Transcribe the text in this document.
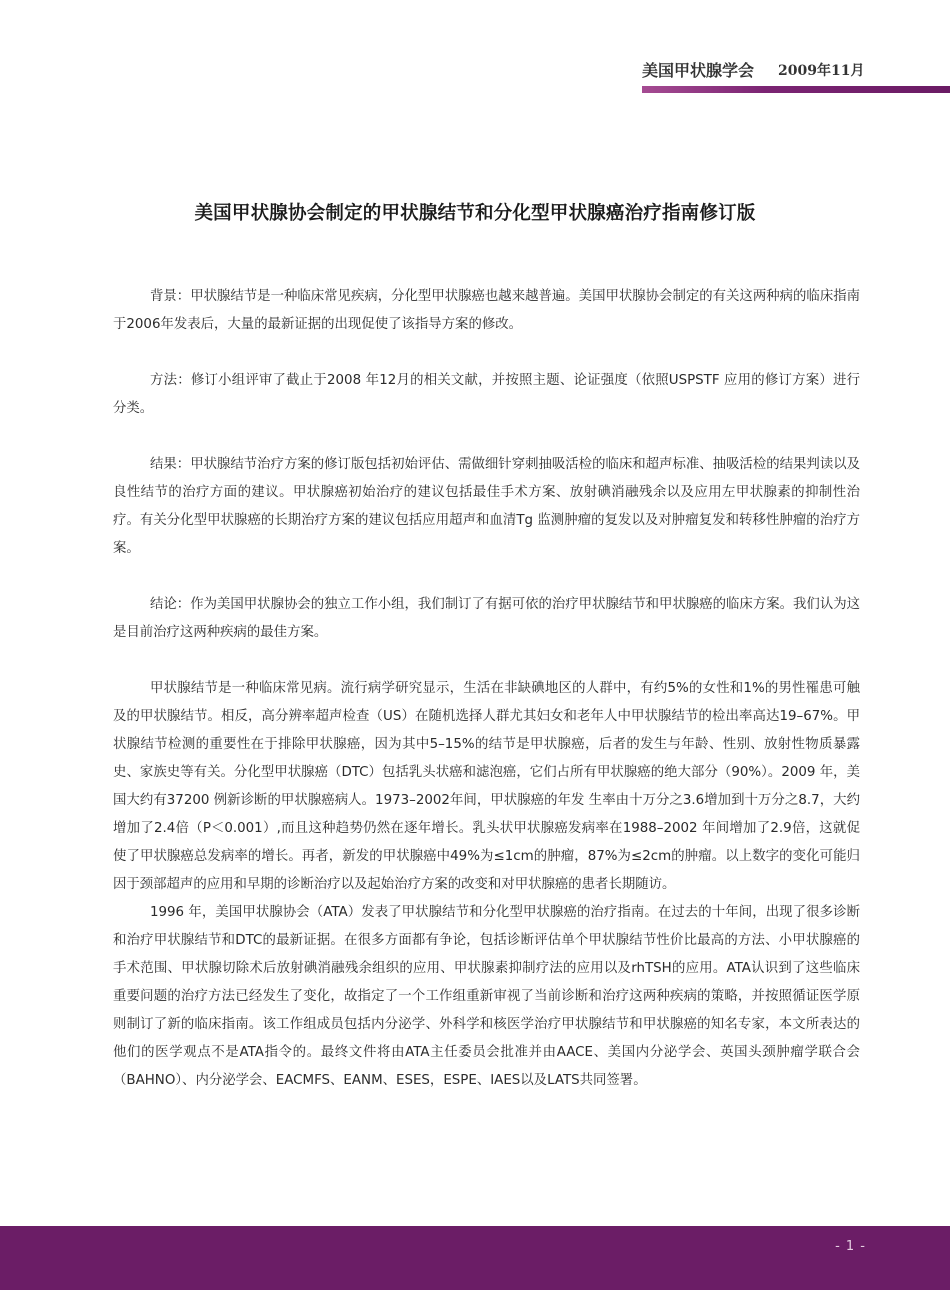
美国甲状腺学会 2009年11月
美国甲状腺协会制定的甲状腺结节和分化型甲状腺癌治疗指南修订版

背景：甲状腺结节是一种临床常见疾病，分化型甲状腺癌也越来越普遍。美国甲状腺协会制定的有关这两种病的临床指南于2006年发表后，大量的最新证据的出现促使了该指导方案的修改。

方法：修订小组评审了截止于2008 年12月的相关文献，并按照主题、论证强度（依照USPSTF 应用的修订方案）进行分类。

结果：甲状腺结节治疗方案的修订版包括初始评估、需做细针穿刺抽吸活检的临床和超声标准、抽吸活检的结果判读以及良性结节的治疗方面的建议。甲状腺癌初始治疗的建议包括最佳手术方案、放射碘消融残余以及应用左甲状腺素的抑制性治疗。有关分化型甲状腺癌的长期治疗方案的建议包括应用超声和血清Tg 监测肿瘤的复发以及对肿瘤复发和转移性肿瘤的治疗方案。

结论：作为美国甲状腺协会的独立工作小组，我们制订了有据可依的治疗甲状腺结节和甲状腺癌的临床方案。我们认为这是目前治疗这两种疾病的最佳方案。

甲状腺结节是一种临床常见病。流行病学研究显示，生活在非缺碘地区的人群中，有约5%的女性和1%的男性罹患可触及的甲状腺结节。相反，高分辨率超声检查（US）在随机选择人群尤其妇女和老年人中甲状腺结节的检出率高达19–67%。甲状腺结节检测的重要性在于排除甲状腺癌，因为其中5–15%的结节是甲状腺癌，后者的发生与年龄、性别、放射性物质暴露史、家族史等有关。分化型甲状腺癌（DTC）包括乳头状癌和滤泡癌，它们占所有甲状腺癌的绝大部分（90%）。2009 年，美国大约有37200 例新诊断的甲状腺癌病人。1973–2002年间，甲状腺癌的年发 生率由十万分之3.6增加到十万分之8.7，大约增加了2.4倍（P＜0.001）,而且这种趋势仍然在逐年增长。乳头状甲状腺癌发病率在1988–2002 年间增加了2.9倍，这就促使了甲状腺癌总发病率的增长。再者，新发的甲状腺癌中49%为≤1cm的肿瘤，87%为≤2cm的肿瘤。以上数字的变化可能归因于颈部超声的应用和早期的诊断治疗以及起始治疗方案的改变和对甲状腺癌的患者长期随访。

1996 年，美国甲状腺协会（ATA）发表了甲状腺结节和分化型甲状腺癌的治疗指南。在过去的十年间，出现了很多诊断和治疗甲状腺结节和DTC的最新证据。在很多方面都有争论，包括诊断评估单个甲状腺结节性价比最高的方法、小甲状腺癌的手术范围、甲状腺切除术后放射碘消融残余组织的应用、甲状腺素抑制疗法的应用以及rhTSH的应用。ATA认识到了这些临床重要问题的治疗方法已经发生了变化，故指定了一个工作组重新审视了当前诊断和治疗这两种疾病的策略，并按照循证医学原则制订了新的临床指南。该工作组成员包括内分泌学、外科学和核医学治疗甲状腺结节和甲状腺癌的知名专家，本文所表达的他们的医学观点不是ATA指令的。最终文件将由ATA主任委员会批准并由AACE、美国内分泌学会、英国头颈肿瘤学联合会（BAHNO）、内分泌学会、EACMFS、EANM、ESES，ESPE、IAES以及LATS共同签署。

- 1 -
